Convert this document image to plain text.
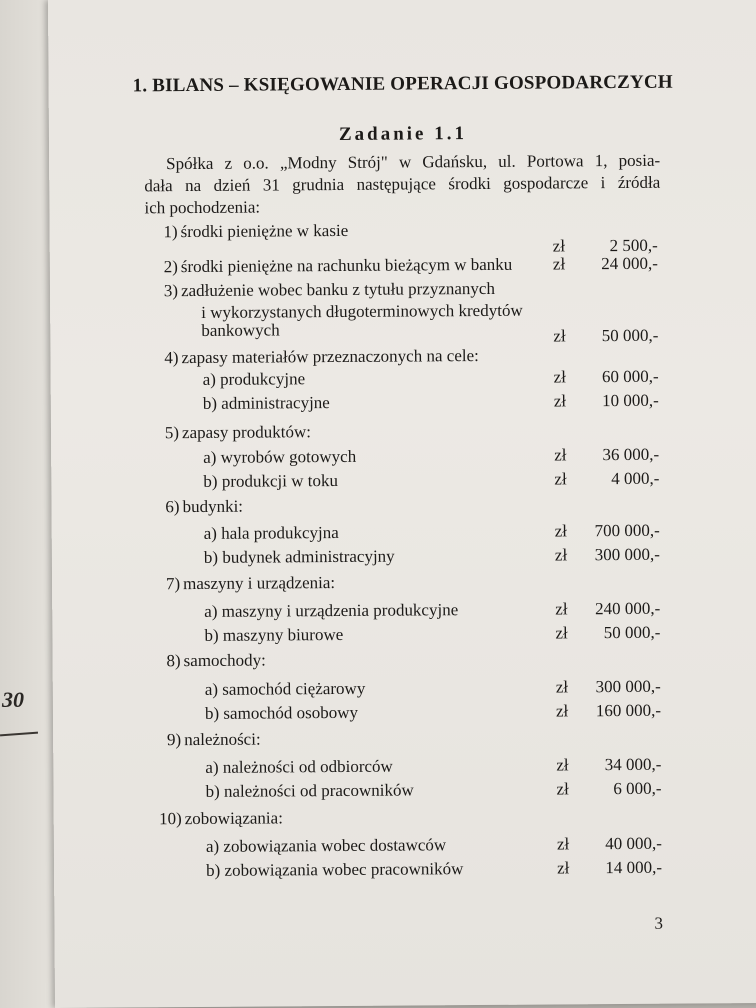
30
1. BILANS – KSIĘGOWANIE OPERACJI GOSPODARCZYCH
Zadanie 1.1
Spółka z o.o. „Modny Strój" w Gdańsku, ul. Portowa 1, posia-
dała na dzień 31 grudnia następujące środki gospodarcze i źródła
ich pochodzenia:
1) środki pieniężne w kasie
zł	2 500,-
2) środki pieniężne na rachunku bieżącym w banku zł 24 000,-
3) zadłużenie wobec banku z tytułu przyznanych
i wykorzystanych długoterminowych kredytów
bankowych	zł 50 000,-
4) zapasy materiałów przeznaczonych na cele:
a) produkcyjne	zł 60 000,-
b) administracyjne	zł 10 000,-
5) zapasy produktów:
a) wyrobów gotowych	zł 36 000,-
b) produkcji w toku	zł	4 000,-
6) budynki:
a) hala produkcyjna	zł 700 000,-
b) budynek administracyjny	zł 300 000,-
7) maszyny i urządzenia:
a) maszyny i urządzenia produkcyjne	zł 240 000,-
b) maszyny biurowe	zł 50 000,-
8) samochody:
a) samochód ciężarowy	zł 300 000,-
b) samochód osobowy	zł 160 000,-
9) należności:
a) należności od odbiorców	zł 34 000,-
b) należności od pracowników	zł	6 000,-
10) zobowiązania:
a) zobowiązania wobec dostawców	zł 40 000,-
b) zobowiązania wobec pracowników	zł 14 000,-
3
